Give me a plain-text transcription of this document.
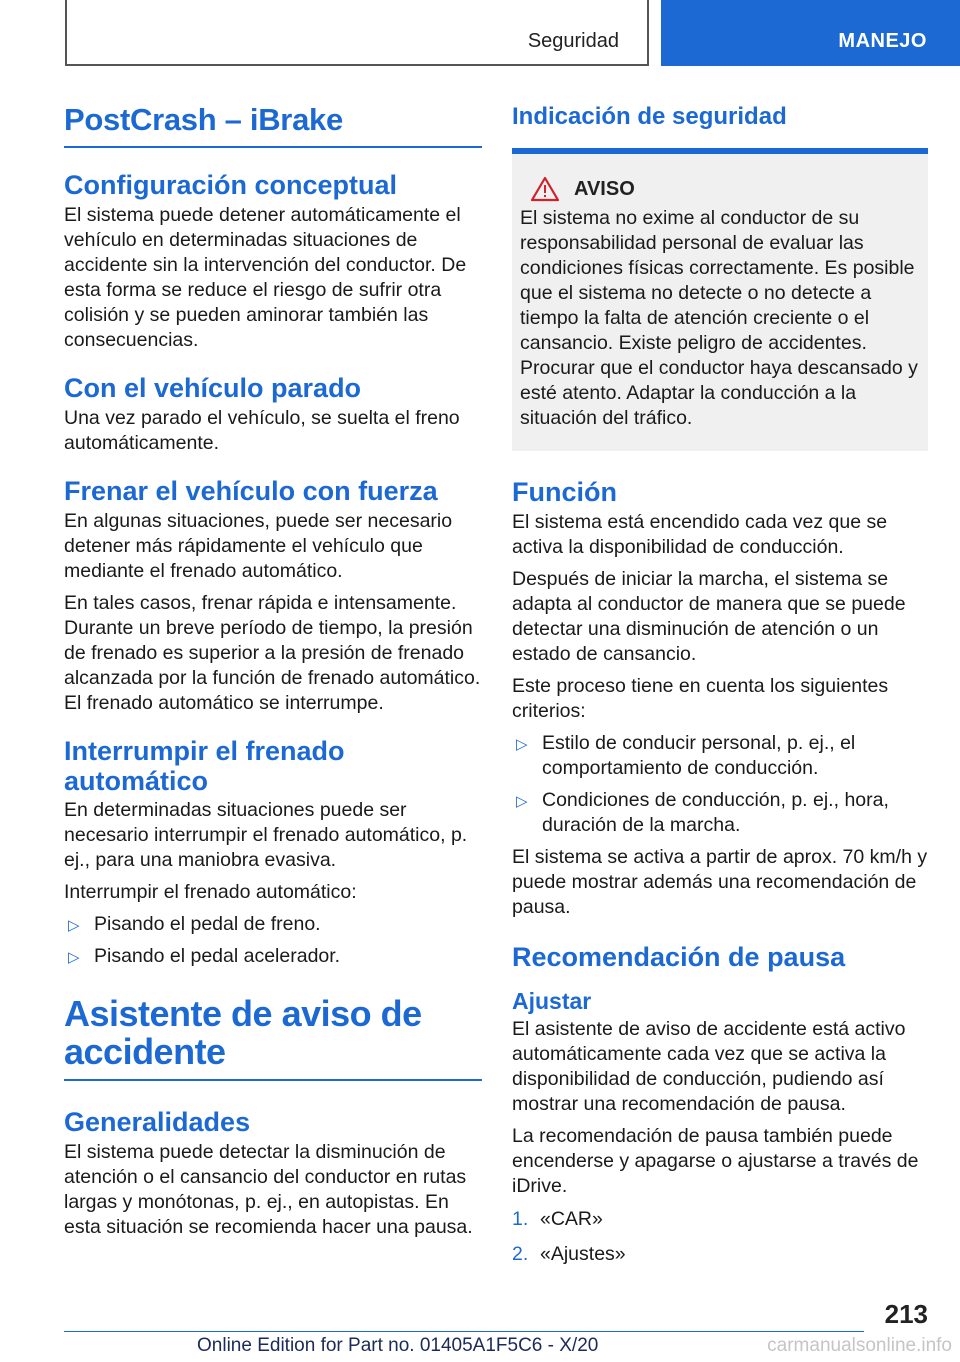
Seguridad	MANEJO
PostCrash – iBrake
Configuración conceptual

El sistema puede detener automáticamente el vehículo en determinadas situaciones de accidente sin la intervención del conductor. De esta forma se reduce el riesgo de sufrir otra colisión y se pueden aminorar también las consecuencias.

Con el vehículo parado

Una vez parado el vehículo, se suelta el freno automáticamente.

Frenar el vehículo con fuerza

En algunas situaciones, puede ser necesario detener más rápidamente el vehículo que mediante el frenado automático.

En tales casos, frenar rápida e intensamente. Durante un breve período de tiempo, la presión de frenado es superior a la presión de frenado alcanzada por la función de frenado automático. El frenado automático se interrumpe.

Interrumpir el frenado automático

En determinadas situaciones puede ser necesario interrumpir el frenado automático, p. ej., para una maniobra evasiva.

Interrumpir el frenado automático:

▷ Pisando el pedal de freno.
▷ Pisando el pedal acelerador.
Asistente de aviso de accidente
Generalidades

El sistema puede detectar la disminución de atención o el cansancio del conductor en rutas largas y monótonas, p. ej., en autopistas. En esta situación se recomienda hacer una pausa.

Indicación de seguridad
AVISO

El sistema no exime al conductor de su responsabilidad personal de evaluar las condiciones físicas correctamente. Es posible que el sistema no detecte o no detecte a tiempo la falta de atención creciente o el cansancio. Existe peligro de accidentes. Procurar que el conductor haya descansado y esté atento. Adaptar la conducción a la situación del tráfico.

Función

El sistema está encendido cada vez que se activa la disponibilidad de conducción.

Después de iniciar la marcha, el sistema se adapta al conductor de manera que se puede detectar una disminución de atención o un estado de cansancio.

Este proceso tiene en cuenta los siguientes criterios:

▷ Estilo de conducir personal, p. ej., el comportamiento de conducción.
▷ Condiciones de conducción, p. ej., hora, duración de la marcha.

El sistema se activa a partir de aprox. 70 km/h y puede mostrar además una recomendación de pausa.

Recomendación de pausa
Ajustar

El asistente de aviso de accidente está activo automáticamente cada vez que se activa la disponibilidad de conducción, pudiendo así mostrar una recomendación de pausa.

La recomendación de pausa también puede encenderse y apagarse o ajustarse a través de iDrive.

1. «CAR»
2. «Ajustes»
213
Online Edition for Part no. 01405A1F5C6 - X/20	carmanualsonline.info
